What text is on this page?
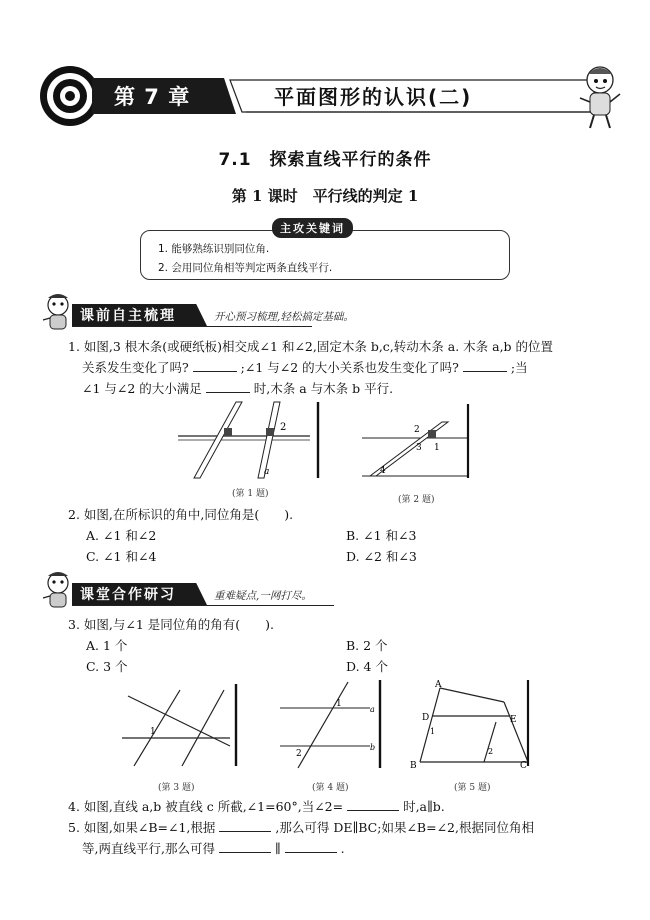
第 7 章	平面图形的认识(二)
7.1　探索直线平行的条件
第 1 课时　平行线的判定 1
主攻关键词
1. 能够熟练识别同位角.
2. 会用同位角相等判定两条直线平行.
课前自主梳理	开心预习梳理,轻松搞定基础。
1. 如图,3 根木条(或硬纸板)相交成∠1 和∠2,固定木条 b,c,转动木条 a. 木条 a,b 的位置
关系发生变化了吗?	;∠1 与∠2 的大小关系也发生变化了吗?	;当
∠1 与∠2 的大小满足	时,木条 a 与木条 b 平行.
2
a
(第 1 题)
2
3 1
4
(第 2 题)
2. 如图,在所标识的角中,同位角是(　　).
A. ∠1 和∠2	B. ∠1 和∠3
C. ∠1 和∠4	D. ∠2 和∠3
课堂合作研习	重难疑点,一网打尽。
3. 如图,与∠1 是同位角的角有(　　).
A. 1 个	B. 2 个
C. 3 个	D. 4 个
1
(第 3 题)
1
2
a
b
(第 4 题)
A
D	E
B	C
1
2
(第 5 题)
4. 如图,直线 a,b 被直线 c 所截,∠1=60°,当∠2=	时,a∥b.
5. 如图,如果∠B=∠1,根据	,那么可得 DE∥BC;如果∠B=∠2,根据同位角相
等,两直线平行,那么可得	∥	.
